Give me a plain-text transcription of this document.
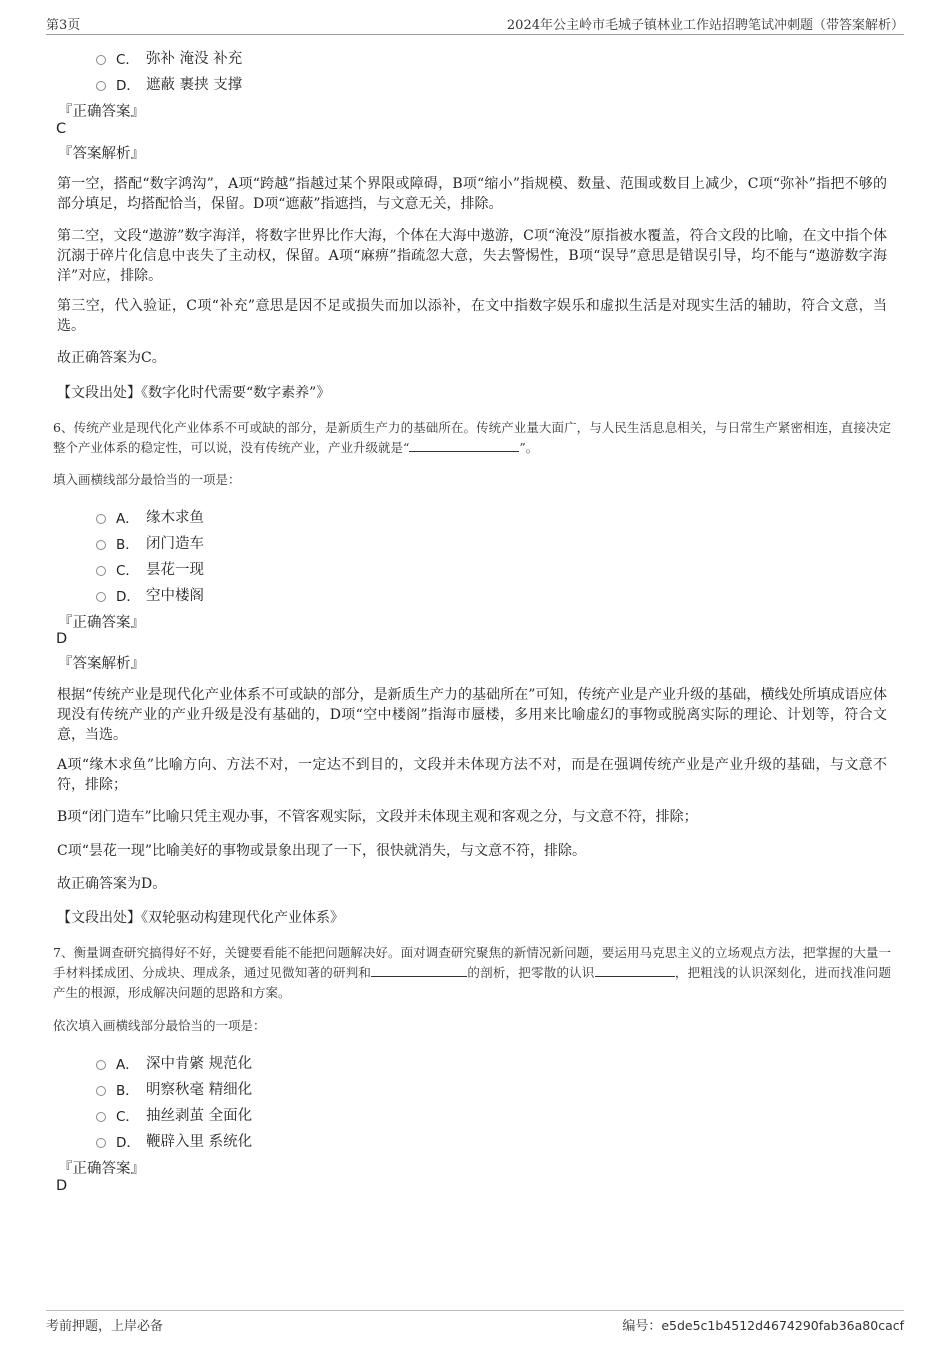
第3页	2024年公主岭市毛城子镇林业工作站招聘笔试冲刺题（带答案解析）
C． 弥补 淹没 补充
D． 遮蔽 裹挟 支撑
『正确答案』
C
『答案解析』

第一空，搭配“数字鸿沟”，A项“跨越”指越过某个界限或障碍，B项“缩小”指规模、数量、范围或数目上减少，C项“弥补”指把不够的部分填足，均搭配恰当，保留。D项“遮蔽”指遮挡，与文意无关，排除。

第二空，文段“遨游”数字海洋，将数字世界比作大海，个体在大海中遨游，C项“淹没”原指被水覆盖，符合文段的比喻，在文中指个体沉溺于碎片化信息中丧失了主动权，保留。A项“麻痹”指疏忽大意，失去警惕性，B项“误导”意思是错误引导，均不能与“遨游数字海洋”对应，排除。

第三空，代入验证，C项“补充”意思是因不足或损失而加以添补，在文中指数字娱乐和虚拟生活是对现实生活的辅助，符合文意，当选。

故正确答案为C。

【文段出处】《数字化时代需要“数字素养”》

6、传统产业是现代化产业体系不可或缺的部分，是新质生产力的基础所在。传统产业量大面广，与人民生活息息相关，与日常生产紧密相连，直接决定整个产业体系的稳定性，可以说，没有传统产业，产业升级就是“	”。

填入画横线部分最恰当的一项是：
A． 缘木求鱼
B． 闭门造车
C． 昙花一现
D． 空中楼阁
『正确答案』
D
『答案解析』

根据“传统产业是现代化产业体系不可或缺的部分，是新质生产力的基础所在”可知，传统产业是产业升级的基础，横线处所填成语应体现没有传统产业的产业升级是没有基础的，D项“空中楼阁”指海市蜃楼，多用来比喻虚幻的事物或脱离实际的理论、计划等，符合文意，当选。

A项“缘木求鱼”比喻方向、方法不对，一定达不到目的，文段并未体现方法不对，而是在强调传统产业是产业升级的基础，与文意不符，排除；

B项“闭门造车”比喻只凭主观办事，不管客观实际，文段并未体现主观和客观之分，与文意不符，排除；

C项“昙花一现”比喻美好的事物或景象出现了一下，很快就消失，与文意不符，排除。

故正确答案为D。

【文段出处】《双轮驱动构建现代化产业体系》

7、衡量调查研究搞得好不好，关键要看能不能把问题解决好。面对调查研究聚焦的新情况新问题，要运用马克思主义的立场观点方法，把掌握的大量一手材料揉成团、分成块、理成条，通过见微知著的研判和	的剖析，把零散的认识	，把粗浅的认识深刻化，进而找准问题产生的根源，形成解决问题的思路和方案。

依次填入画横线部分最恰当的一项是：
A． 深中肯綮 规范化
B． 明察秋毫 精细化
C． 抽丝剥茧 全面化
D． 鞭辟入里 系统化
『正确答案』
D
考前押题，上岸必备	编号：e5de5c1b4512d4674290fab36a80cacf
